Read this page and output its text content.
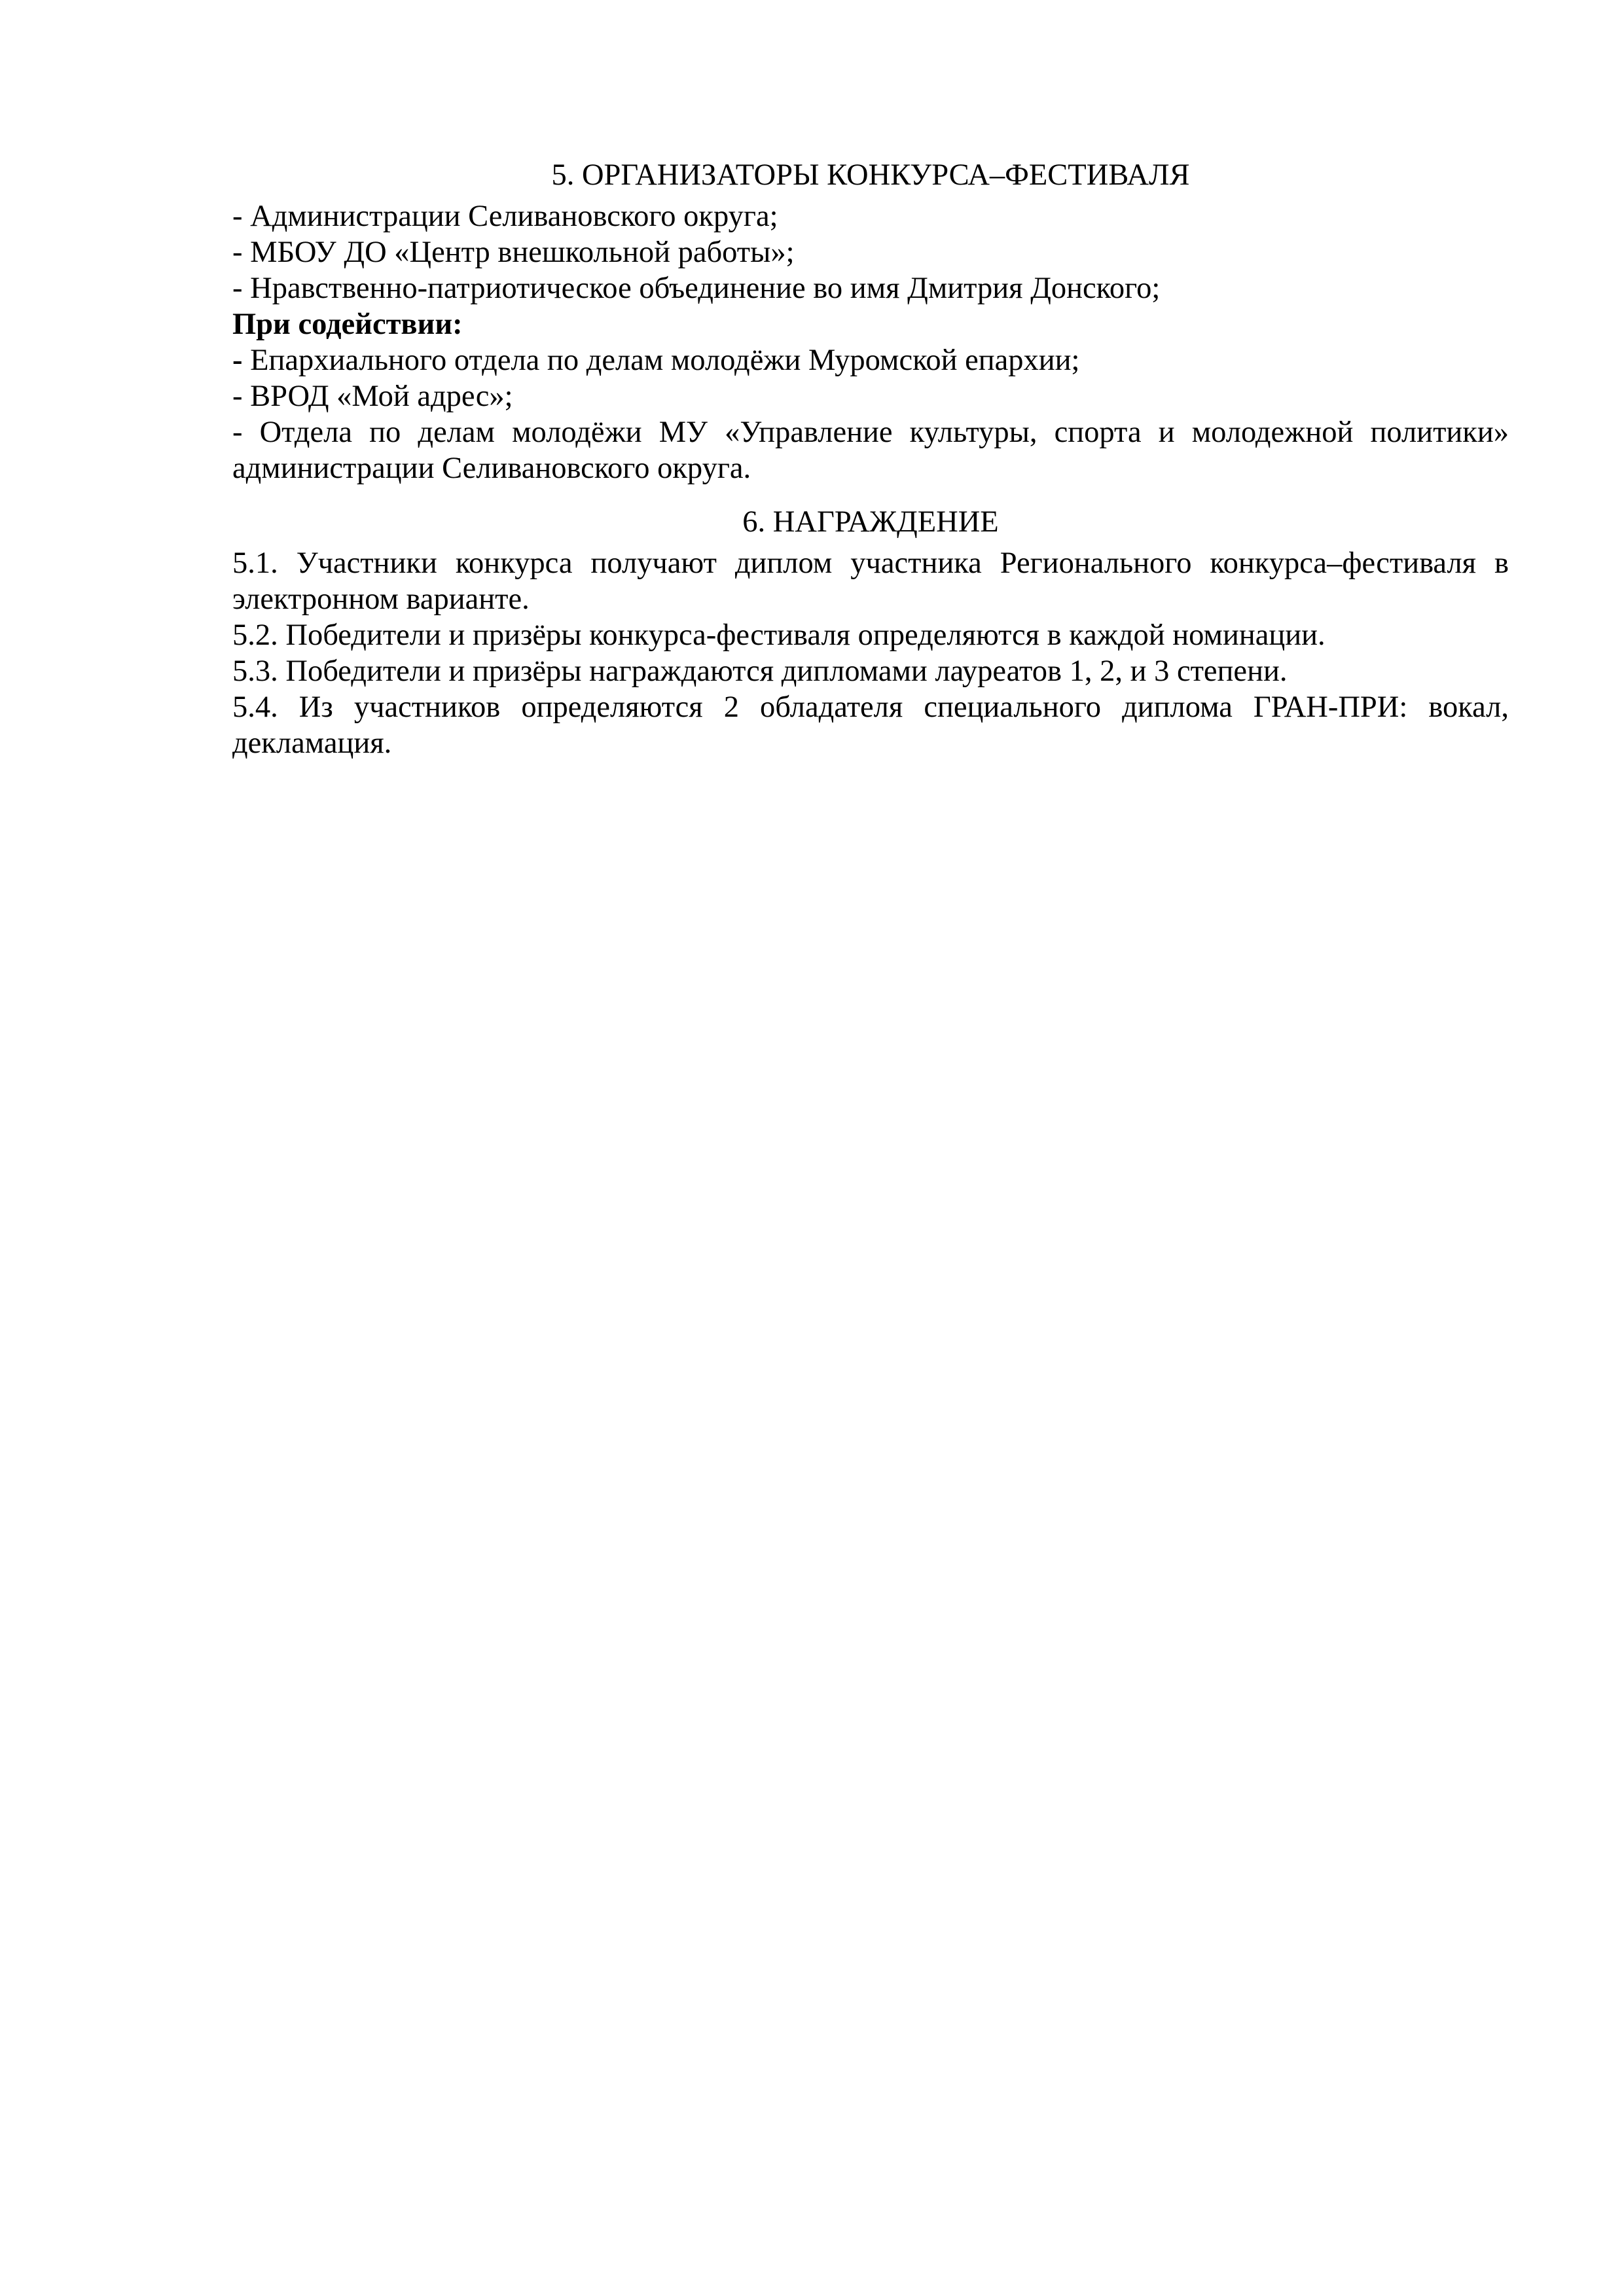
5. ОРГАНИЗАТОРЫ КОНКУРСА–ФЕСТИВАЛЯ

- Администрации Селивановского округа;

- МБОУ ДО «Центр внешкольной работы»;

- Нравственно-патриотическое объединение во имя Дмитрия Донского;

При содействии:

- Епархиального отдела по делам молодёжи Муромской епархии;

- ВРОД «Мой адрес»;

- Отдела по делам молодёжи МУ «Управление культуры, спорта и молодежной политики» администрации Селивановского округа.

6. НАГРАЖДЕНИЕ

5.1. Участники конкурса получают диплом участника Регионального конкурса–фестиваля в электронном варианте.

5.2. Победители и призёры конкурса-фестиваля определяются в каждой номинации.

5.3. Победители и призёры награждаются дипломами лауреатов 1, 2, и 3 степени.

5.4. Из участников определяются 2 обладателя специального диплома ГРАН-ПРИ: вокал, декламация.
